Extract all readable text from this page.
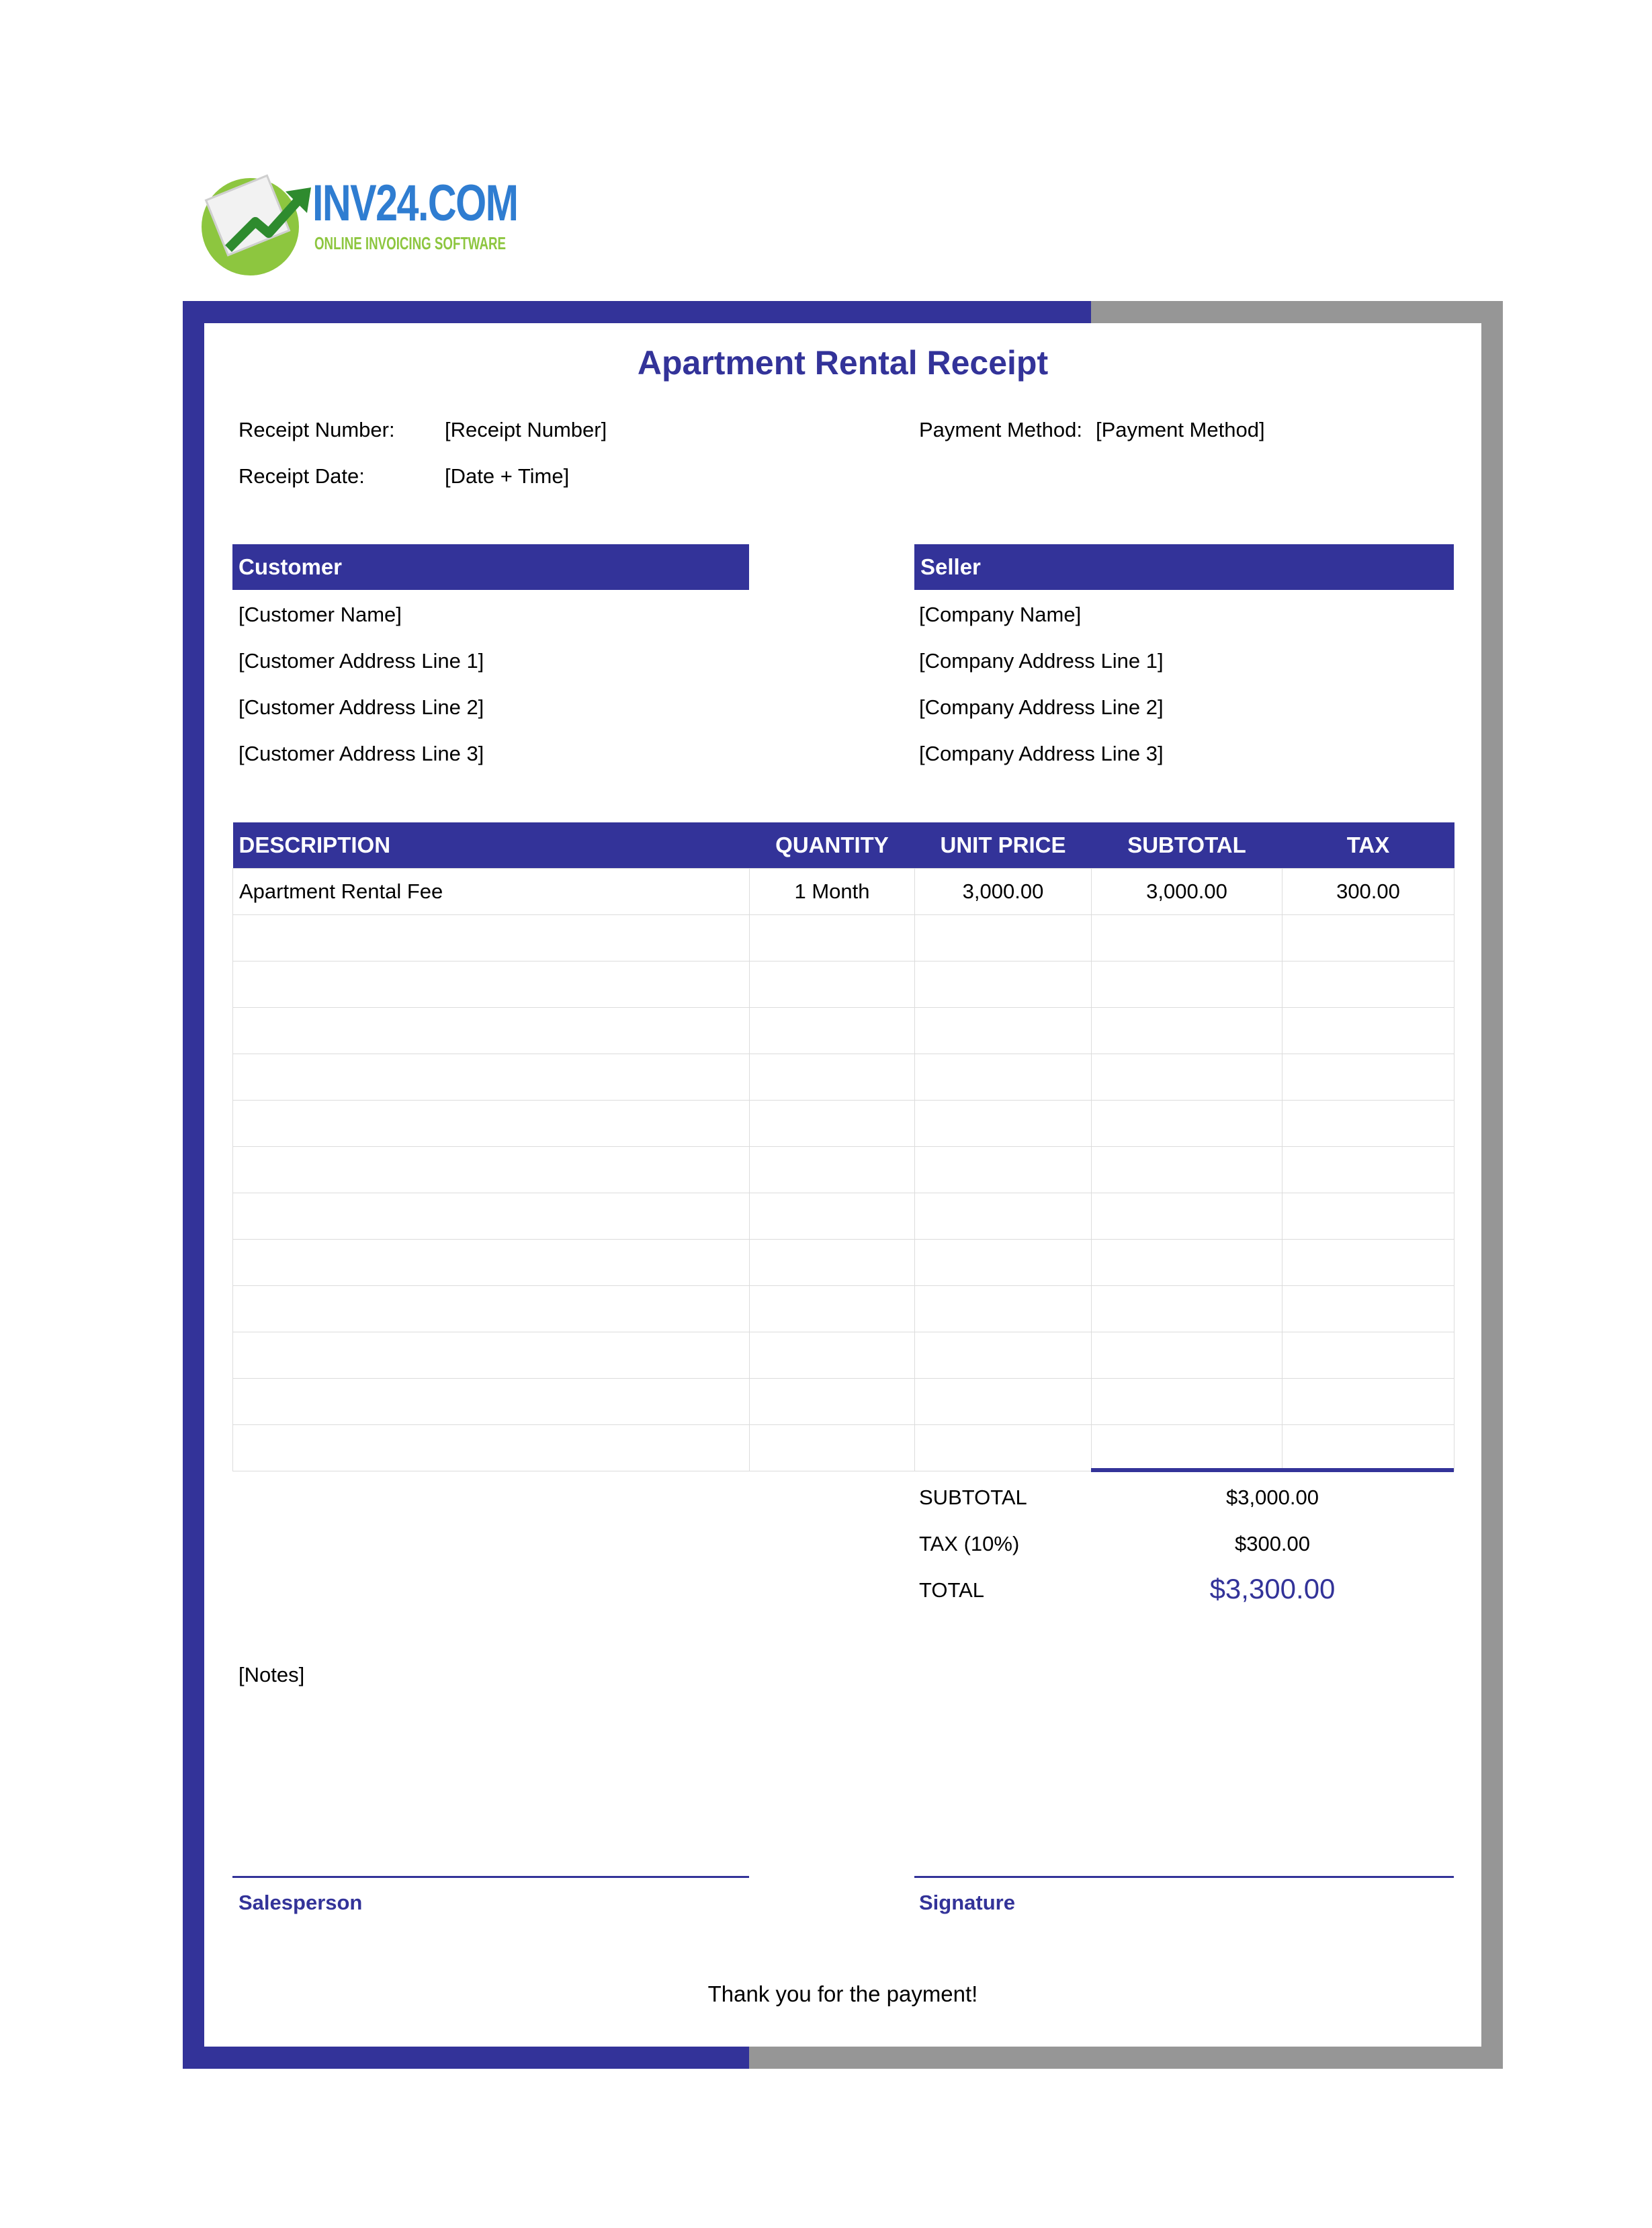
INV24.COM
ONLINE INVOICING SOFTWARE
Apartment Rental Receipt
Receipt Number: [Receipt Number]
Receipt Date:	[Date + Time]
Payment Method: [Payment Method]
Customer
[Customer Name]
[Customer Address Line 1]
[Customer Address Line 2]
[Customer Address Line 3]
Seller
[Company Name]
[Company Address Line 1]
[Company Address Line 2]
[Company Address Line 3]
DESCRIPTION	QUANTITY	UNIT PRICE	SUBTOTAL	TAX
Apartment Rental Fee	1 Month	3,000.00	3,000.00	300.00

SUBTOTAL	$3,000.00
TAX (10%)	$300.00
TOTAL	$3,300.00
[Notes]
Salesperson	Signature
Thank you for the payment!
